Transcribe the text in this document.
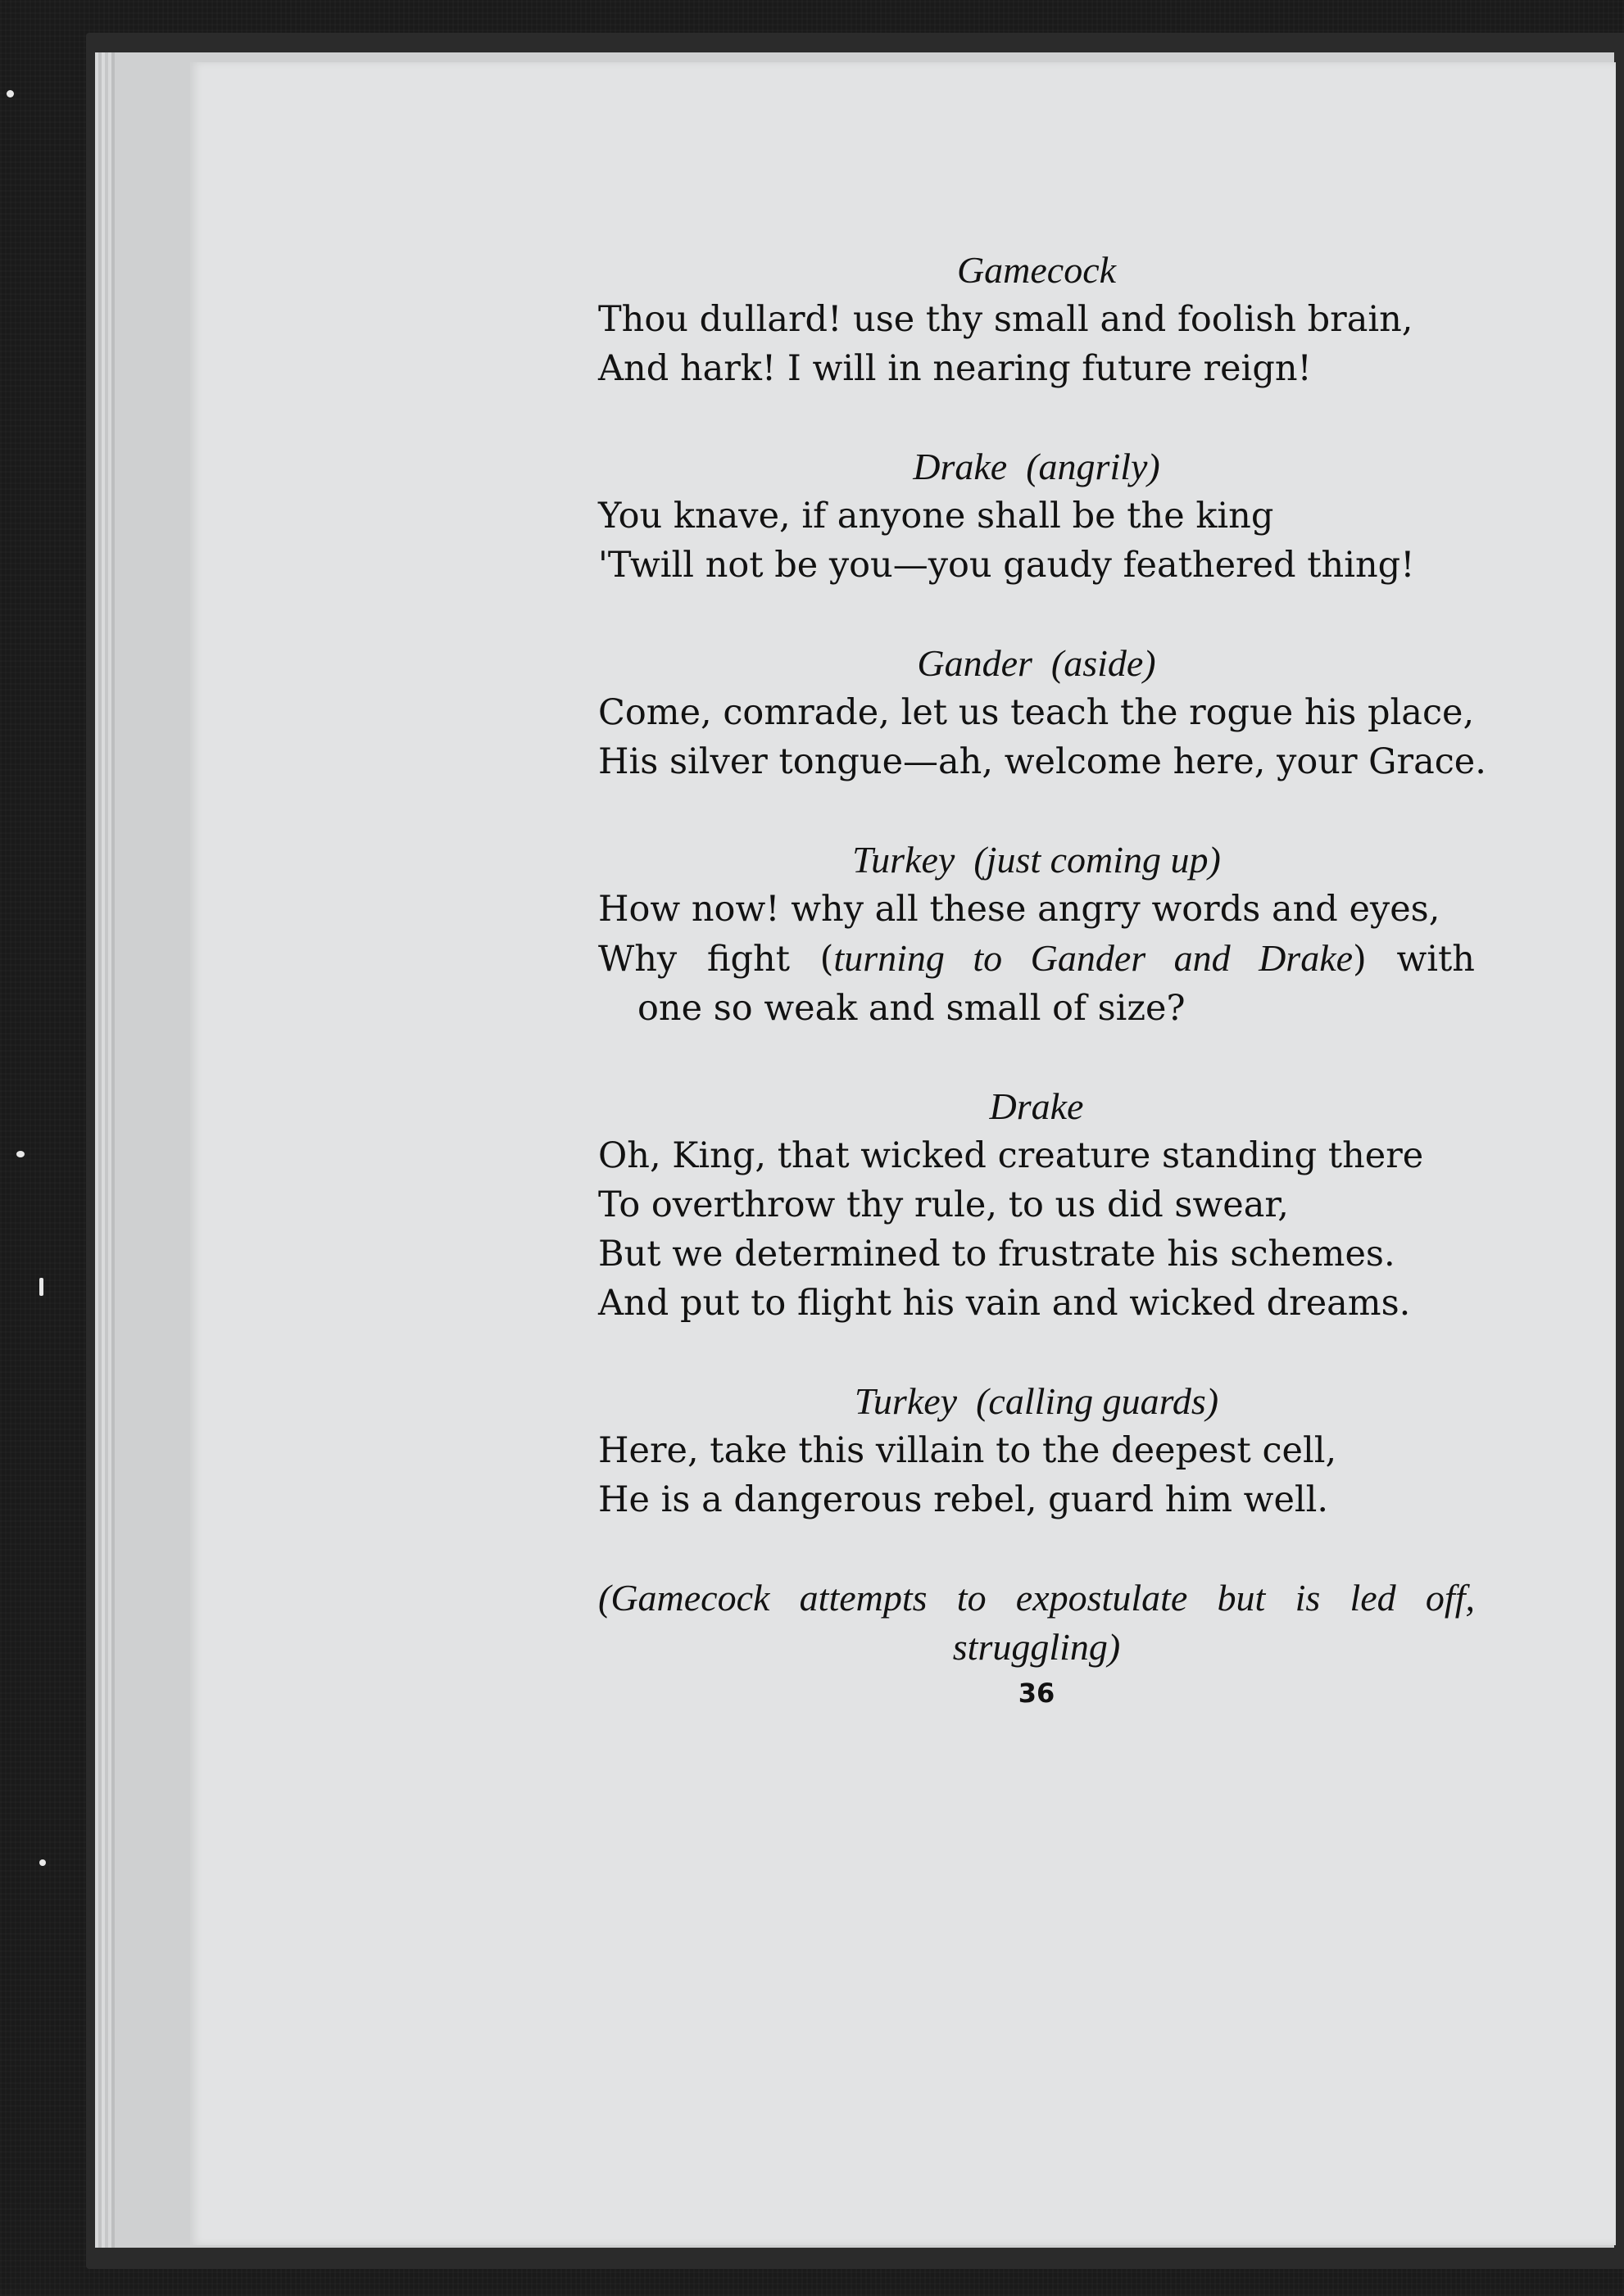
Gamecock
Thou dullard! use thy small and foolish brain,
And hark! I will in nearing future reign!
Drake (angrily)
You knave, if anyone shall be the king
'Twill not be you—you gaudy feathered thing!
Gander (aside)
Come, comrade, let us teach the rogue his place,
His silver tongue—ah, welcome here, your Grace.
Turkey (just coming up)
How now! why all these angry words and eyes,
Why fight (turning to Gander and Drake) with
one so weak and small of size?
Drake
Oh, King, that wicked creature standing there
To overthrow thy rule, to us did swear,
But we determined to frustrate his schemes.
And put to flight his vain and wicked dreams.
Turkey (calling guards)
Here, take this villain to the deepest cell,
He is a dangerous rebel, guard him well.
(Gamecock attempts to expostulate but is led off,
struggling)
36
